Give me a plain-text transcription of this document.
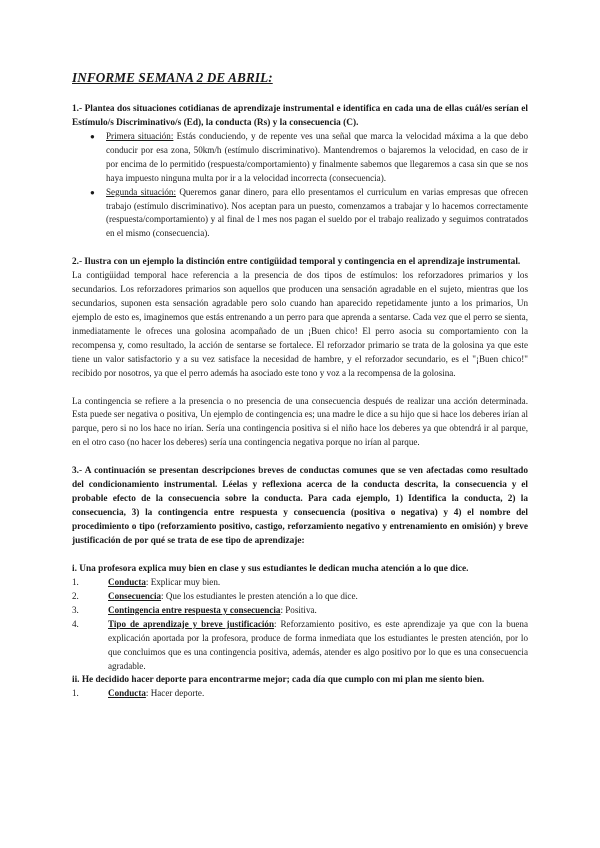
INFORME SEMANA 2 DE ABRIL:

1.- Plantea dos situaciones cotidianas de aprendizaje instrumental e identifica en cada una de ellas cuál/es serían el Estímulo/s Discriminativo/s (Ed), la conducta (Rs) y la consecuencia (C).

● Primera situación: Estás conduciendo, y de repente ves una señal que marca la velocidad máxima a la que debo conducir por esa zona, 50km/h (estímulo discriminativo). Mantendremos o bajaremos la velocidad, en caso de ir por encima de lo permitido (respuesta/comportamiento) y finalmente sabemos que llegaremos a casa sin que se nos haya impuesto ninguna multa por ir a la velocidad incorrecta (consecuencia).
● Segunda situación: Queremos ganar dinero, para ello presentamos el curriculum en varias empresas que ofrecen trabajo (estímulo discriminativo). Nos aceptan para un puesto, comenzamos a trabajar y lo hacemos correctamente (respuesta/comportamiento) y al final de l mes nos pagan el sueldo por el trabajo realizado y seguimos contratados en el mismo (consecuencia).

2.- Ilustra con un ejemplo la distinción entre contigüidad temporal y contingencia en el aprendizaje instrumental.

La contigüidad temporal hace referencia a la presencia de dos tipos de estímulos: los reforzadores primarios y los secundarios. Los reforzadores primarios son aquellos que producen una sensación agradable en el sujeto, mientras que los secundarios, suponen esta sensación agradable pero solo cuando han aparecido repetidamente junto a los primarios, Un ejemplo de esto es, imaginemos que estás entrenando a un perro para que aprenda a sentarse. Cada vez que el perro se sienta, inmediatamente le ofreces una golosina acompañado de un ¡Buen chico! El perro asocia su comportamiento con la recompensa y, como resultado, la acción de sentarse se fortalece. El reforzador primario se trata de la golosina ya que este tiene un valor satisfactorio y a su vez satisface la necesidad de hambre, y el reforzador secundario, es el "¡Buen chico!" recibido por nosotros, ya que el perro además ha asociado este tono y voz a la recompensa de la golosina.

La contingencia se refiere a la presencia o no presencia de una consecuencia después de realizar una acción determinada. Esta puede ser negativa o positiva, Un ejemplo de contingencia es; una madre le dice a su hijo que si hace los deberes irían al parque, pero si no los hace no irían. Sería una contingencia positiva si el niño hace los deberes ya que obtendrá ir al parque, en el otro caso (no hacer los deberes) sería una contingencia negativa porque no irían al parque.

3.- A continuación se presentan descripciones breves de conductas comunes que se ven afectadas como resultado del condicionamiento instrumental. Léelas y reflexiona acerca de la conducta descrita, la consecuencia y el probable efecto de la consecuencia sobre la conducta. Para cada ejemplo, 1) Identifica la conducta, 2) la consecuencia, 3) la contingencia entre respuesta y consecuencia (positiva o negativa) y 4) el nombre del procedimiento o tipo (reforzamiento positivo, castigo, reforzamiento negativo y entrenamiento en omisión) y breve justificación de por qué se trata de ese tipo de aprendizaje:

i. Una profesora explica muy bien en clase y sus estudiantes le dedican mucha atención a lo que dice.

1.	Conducta: Explicar muy bien.
2.	Consecuencia: Que los estudiantes le presten atención a lo que dice.
3.	Contingencia entre respuesta y consecuencia: Positiva.
4.	Tipo de aprendizaje y breve justificación: Reforzamiento positivo, es este aprendizaje ya que con la buena explicación aportada por la profesora, produce de forma inmediata que los estudiantes le presten atención, por lo que concluimos que es una contingencia positiva, además, atender es algo positivo por lo que es una consecuencia agradable.

ii. He decidido hacer deporte para encontrarme mejor; cada día que cumplo con mi plan me siento bien.

1.	Conducta: Hacer deporte.
